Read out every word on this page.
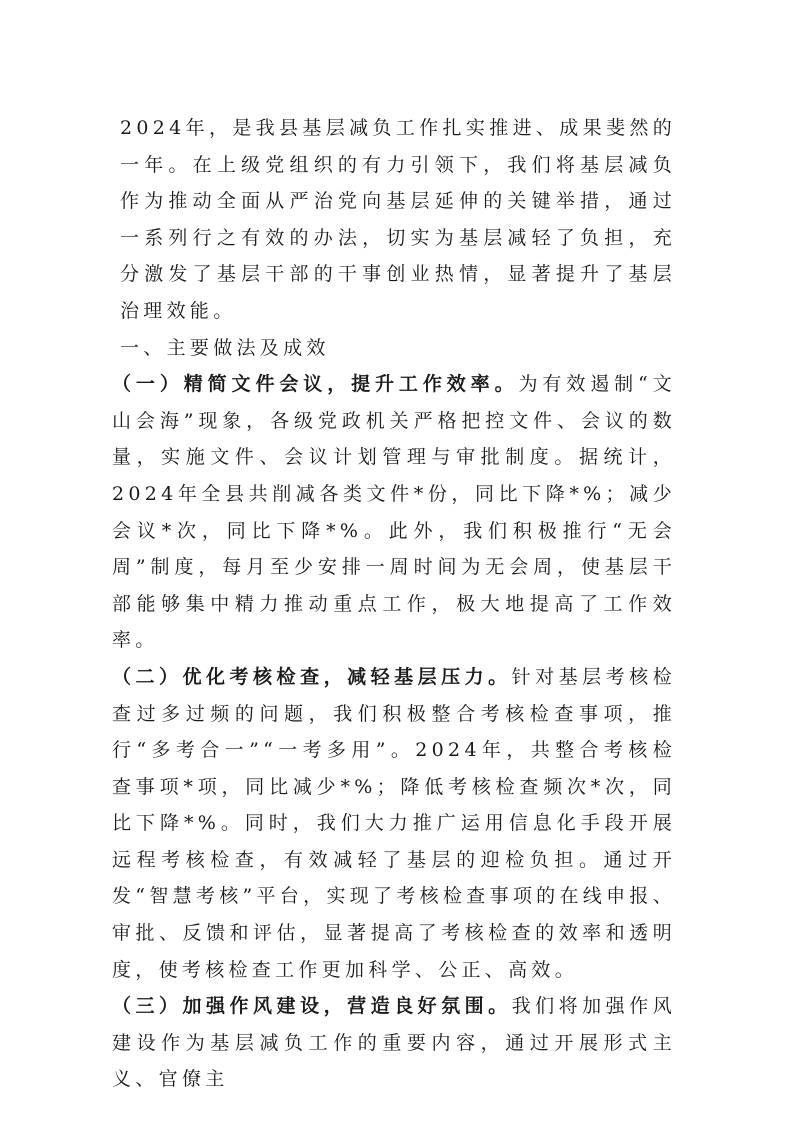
2024年，是我县基层减负工作扎实推进、成果斐然的一年。在上级党组织的有力引领下，我们将基层减负作为推动全面从严治党向基层延伸的关键举措，通过一系列行之有效的办法，切实为基层减轻了负担，充分激发了基层干部的干事创业热情，显著提升了基层治理效能。

一、主要做法及成效

（一）精简文件会议，提升工作效率。为有效遏制“文山会海”现象，各级党政机关严格把控文件、会议的数量，实施文件、会议计划管理与审批制度。据统计，2024年全县共削减各类文件*份，同比下降*%；减少会议*次，同比下降*%。此外，我们积极推行“无会周”制度，每月至少安排一周时间为无会周，使基层干部能够集中精力推动重点工作，极大地提高了工作效率。

（二）优化考核检查，减轻基层压力。针对基层考核检查过多过频的问题，我们积极整合考核检查事项，推行“多考合一”“一考多用”。2024年，共整合考核检查事项*项，同比减少*%；降低考核检查频次*次，同比下降*%。同时，我们大力推广运用信息化手段开展远程考核检查，有效减轻了基层的迎检负担。通过开发“智慧考核”平台，实现了考核检查事项的在线申报、审批、反馈和评估，显著提高了考核检查的效率和透明度，使考核检查工作更加科学、公正、高效。

（三）加强作风建设，营造良好氛围。我们将加强作风建设作为基层减负工作的重要内容，通过开展形式主义、官僚主
